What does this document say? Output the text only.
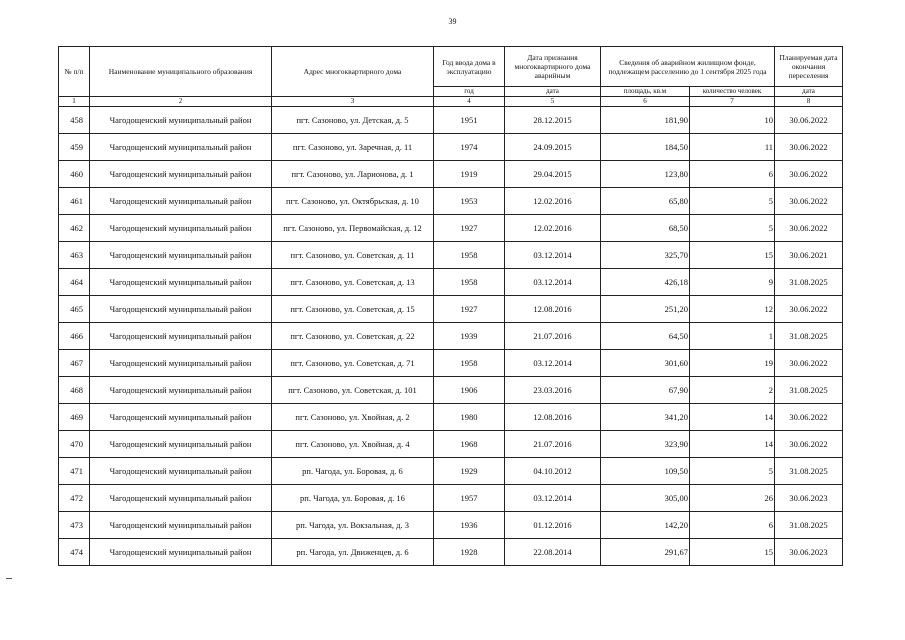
39
№ п/п	Наименование муниципального образования	Адрес многоквартирного дома	Год ввода дома в эксплуатацию	Дата признания многоквартирного дома аварийным	Сведения об аварийном жилищном фонде, подлежащем расселению до 1 сентября 2025 года		Планируемая дата окончания переселения
			год	дата	площадь, кв.м	количество человек	дата
1	2	3	4	5	6	7	8
458	Чагодощенский муниципальный район	пгт. Сазоново, ул. Детская, д. 5	1951	28.12.2015	181,90	10	30.06.2022
459	Чагодощенский муниципальный район	пгт. Сазоново, ул. Заречная, д. 11	1974	24.09.2015	184,50	11	30.06.2022
460	Чагодощенский муниципальный район	пгт. Сазоново, ул. Ларионова, д. 1	1919	29.04.2015	123,80	6	30.06.2022
461	Чагодощенский муниципальный район	пгт. Сазоново, ул. Октябрьская, д. 10	1953	12.02.2016	65,80	5	30.06.2022
462	Чагодощенский муниципальный район	пгт. Сазоново, ул. Первомайская, д. 12	1927	12.02.2016	68,50	5	30.06.2022
463	Чагодощенский муниципальный район	пгт. Сазоново, ул. Советская, д. 11	1958	03.12.2014	325,70	15	30.06.2021
464	Чагодощенский муниципальный район	пгт. Сазоново, ул. Советская, д. 13	1958	03.12.2014	426,18	9	31.08.2025
465	Чагодощенский муниципальный район	пгт. Сазоново, ул. Советская, д. 15	1927	12.08.2016	251,20	12	30.06.2022
466	Чагодощенский муниципальный район	пгт. Сазоново, ул. Советская, д. 22	1939	21.07.2016	64,50	1	31.08.2025
467	Чагодощенский муниципальный район	пгт. Сазоново, ул. Советская, д. 71	1958	03.12.2014	301,60	19	30.06.2022
468	Чагодощенский муниципальный район	пгт. Сазоново, ул. Советская, д. 101	1906	23.03.2016	67,90	2	31.08.2025
469	Чагодощенский муниципальный район	пгт. Сазоново, ул. Хвойная, д. 2	1980	12.08.2016	341,20	14	30.06.2022
470	Чагодощенский муниципальный район	пгт. Сазоново, ул. Хвойная, д. 4	1968	21.07.2016	323,90	14	30.06.2022
471	Чагодощенский муниципальный район	рп. Чагода, ул. Боровая, д. 6	1929	04.10.2012	109,50	5	31.08.2025
472	Чагодощенский муниципальный район	рп. Чагода, ул. Боровая, д. 16	1957	03.12.2014	305,00	26	30.06.2023
473	Чагодощенский муниципальный район	рп. Чагода, ул. Вокзальная, д. 3	1936	01.12.2016	142,20	6	31.08.2025
474	Чагодощенский муниципальный район	рп. Чагода, ул. Движенцев, д. 6	1928	22.08.2014	291,67	15	30.06.2023
